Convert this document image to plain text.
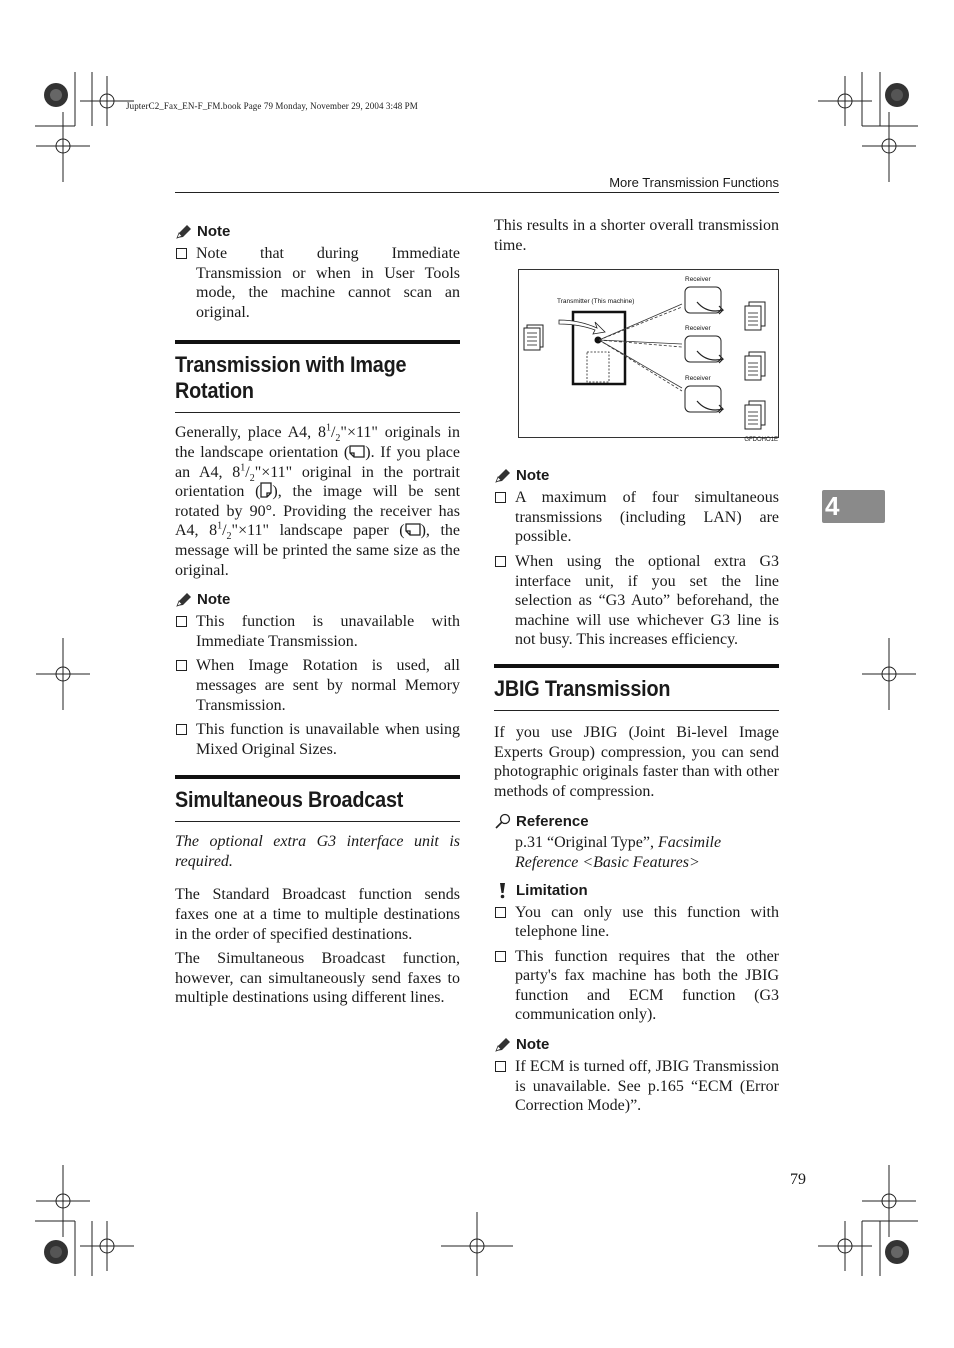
JupterC2_Fax_EN-F_FM.book Page 79 Monday, November 29, 2004 3:48 PM
More Transmission Functions
4
79
Note
Note that during Immediate Transmission or when in User Tools mode, the machine cannot scan an original.
Transmission with Image Rotation

Generally, place A4, $8^1/_2"\times 11$" originals in the landscape orientation ( ). If you place an A4, $8^1/_2"\times 11$" original in the portrait orientation ( ), the image will be sent rotated by 90°. Providing the receiver has A4, $8^1/_2"\times 11$" landscape paper ( ), the message will be printed the same size as the original.

Note
This function is unavailable with Immediate Transmission.
When Image Rotation is used, all messages are sent by normal Memory Transmission.
This function is unavailable when using Mixed Original Sizes.
Simultaneous Broadcast

The optional extra G3 interface unit is required.

The Standard Broadcast function sends faxes one at a time to multiple destinations in the order of specified destinations.

The Simultaneous Broadcast function, however, can simultaneously send faxes to multiple destinations using different lines.

This results in a shorter overall transmission time.

Transmitter (This machine)
Receiver
Receiver
Receiver
GFDOHO1E
Note
A maximum of four simultaneous transmissions (including LAN) are possible.
When using the optional extra G3 interface unit, if you set the line selection as “G3 Auto” beforehand, the machine will use whichever G3 line is not busy. This increases efficiency.
JBIG Transmission

If you use JBIG (Joint Bi-level Image Experts Group) compression, you can send photographic originals faster than with other methods of compression.

Reference

p.31 “Original Type”, Facsimile Reference <Basic Features>

Limitation
You can only use this function with telephone line.
This function requires that the other party's fax machine has both the JBIG function and ECM function (G3 communication only).
Note
If ECM is turned off, JBIG Transmission is unavailable. See p.165 “ECM (Error Correction Mode)”.
